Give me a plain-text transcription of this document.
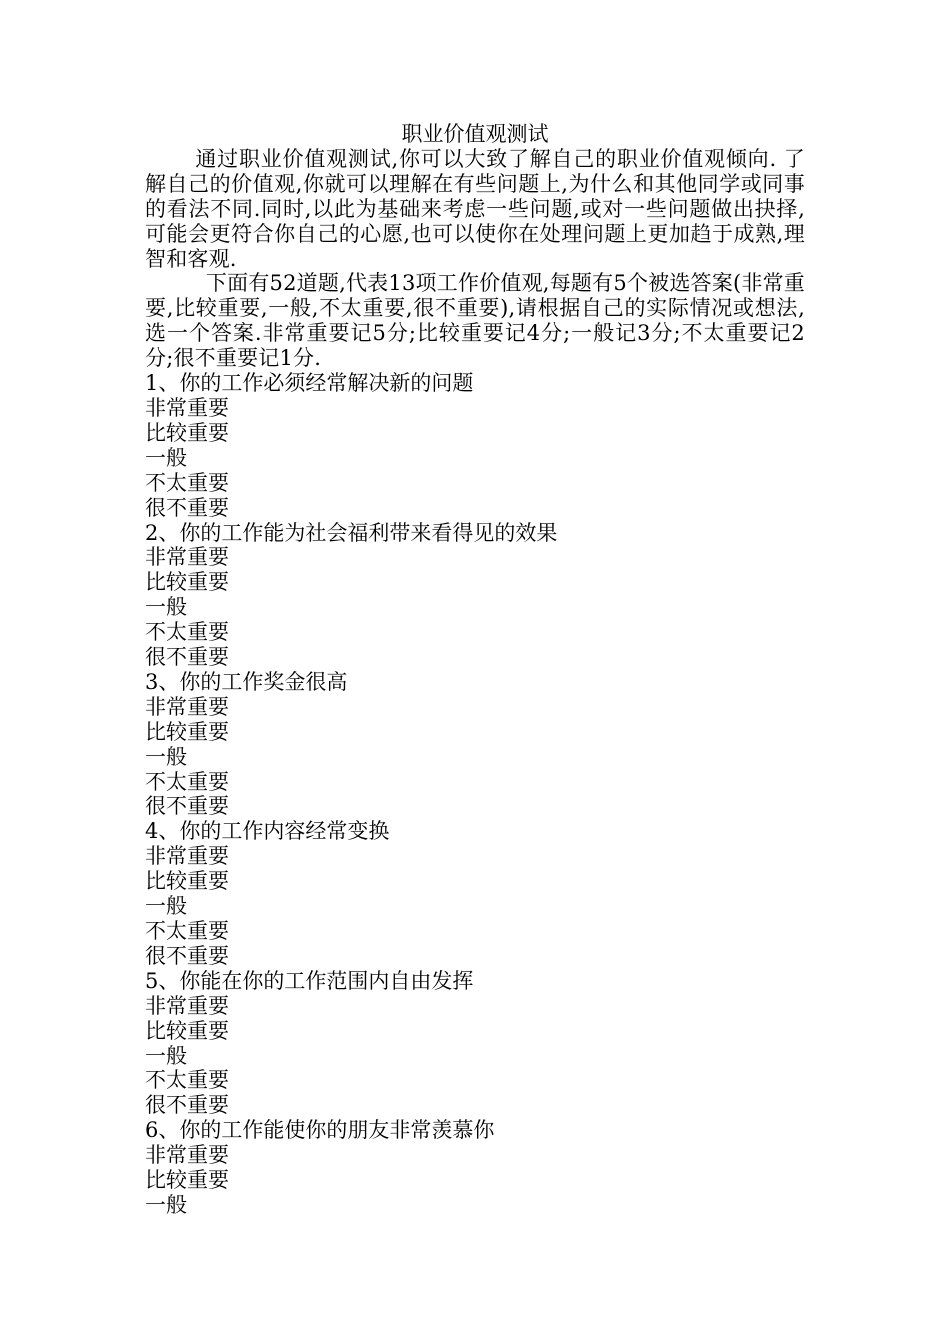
职业价值观测试

通过职业价值观测试,你可以大致了解自己的职业价值观倾向. 了解自己的价值观,你就可以理解在有些问题上,为什么和其他同学或同事的看法不同.同时,以此为基础来考虑一些问题,或对一些问题做出抉择,可能会更符合你自己的心愿,也可以使你在处理问题上更加趋于成熟,理智和客观.

下面有52道题,代表13项工作价值观,每题有5个被选答案(非常重要,比较重要,一般,不太重要,很不重要),请根据自己的实际情况或想法,选一个答案.非常重要记5分;比较重要记4分;一般记3分;不太重要记2分;很不重要记1分.

1、你的工作必须经常解决新的问题

非常重要

比较重要

一般

不太重要

很不重要

2、你的工作能为社会福利带来看得见的效果

非常重要

比较重要

一般

不太重要

很不重要

3、你的工作奖金很高

非常重要

比较重要

一般

不太重要

很不重要

4、你的工作内容经常变换

非常重要

比较重要

一般

不太重要

很不重要

5、你能在你的工作范围内自由发挥

非常重要

比较重要

一般

不太重要

很不重要

6、你的工作能使你的朋友非常羡慕你

非常重要

比较重要

一般
